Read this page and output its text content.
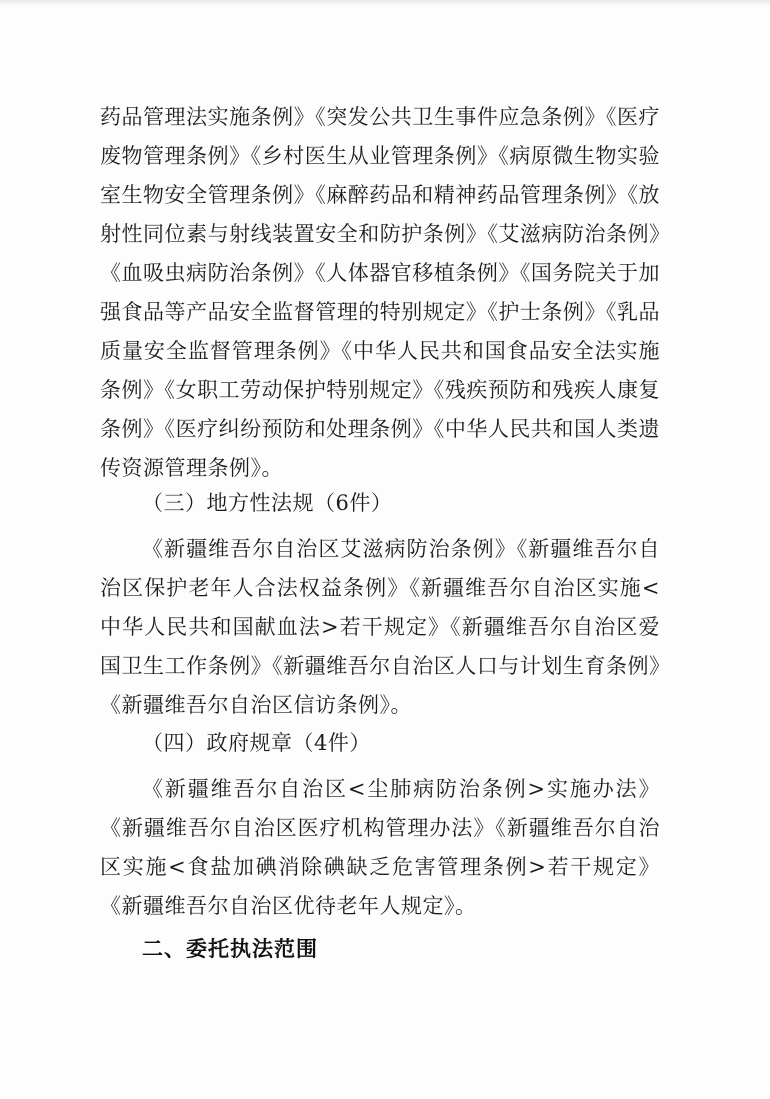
药品管理法实施条例》《突发公共卫生事件应急条例》《医疗废物管理条例》《乡村医生从业管理条例》《病原微生物实验室生物安全管理条例》《麻醉药品和精神药品管理条例》《放射性同位素与射线装置安全和防护条例》《艾滋病防治条例》《血吸虫病防治条例》《人体器官移植条例》《国务院关于加强食品等产品安全监督管理的特别规定》《护士条例》《乳品质量安全监督管理条例》《中华人民共和国食品安全法实施条例》《女职工劳动保护特别规定》《残疾预防和残疾人康复条例》《医疗纠纷预防和处理条例》《中华人民共和国人类遗传资源管理条例》。

（三）地方性法规（6件）

《新疆维吾尔自治区艾滋病防治条例》《新疆维吾尔自治区保护老年人合法权益条例》《新疆维吾尔自治区实施<中华人民共和国献血法>若干规定》《新疆维吾尔自治区爱国卫生工作条例》《新疆维吾尔自治区人口与计划生育条例》《新疆维吾尔自治区信访条例》。

（四）政府规章（4件）

《新疆维吾尔自治区<尘肺病防治条例>实施办法》《新疆维吾尔自治区医疗机构管理办法》《新疆维吾尔自治区实施<食盐加碘消除碘缺乏危害管理条例>若干规定》《新疆维吾尔自治区优待老年人规定》。

二、委托执法范围
